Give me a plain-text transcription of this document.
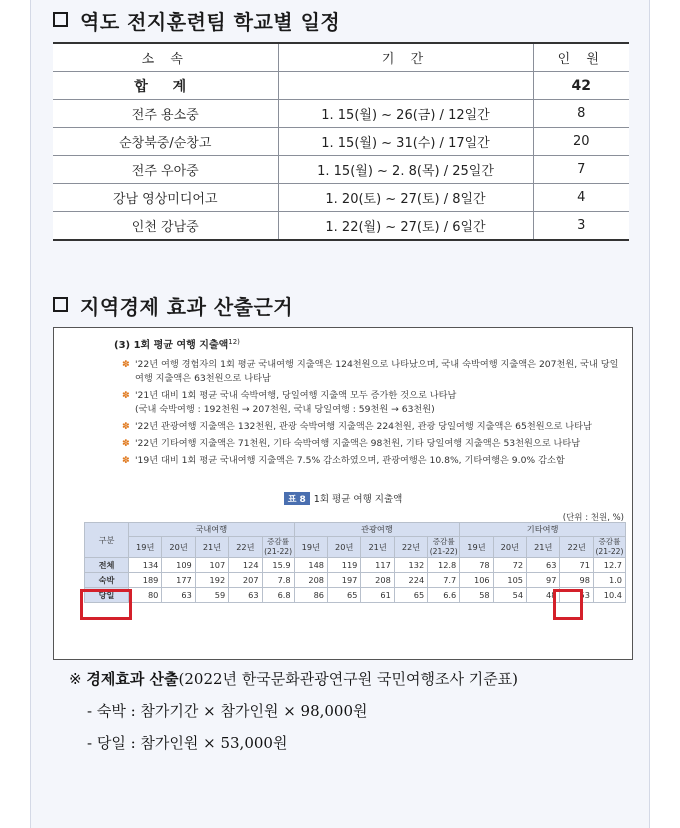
역도 전지훈련팀 학교별 일정
소 속	기 간	인 원
합 계		42
전주 용소중	1. 15(월) ~ 26(금) / 12일간	8
순창북중/순창고	1. 15(월) ~ 31(수) / 17일간	20
전주 우아중	1. 15(월) ~ 2. 8(목) / 25일간	7
강남 영상미디어고	1. 20(토) ~ 27(토) / 8일간	4
인천 강남중	1. 22(월) ~ 27(토) / 6일간	3
지역경제 효과 산출근거
(3) 1회 평균 여행 지출액$^{12)}$
✽ '22년 여행 경험자의 1회 평균 국내여행 지출액은 124천원으로 나타났으며, 국내 숙박여행 지출액은 207천원, 국내 당일여행 지출액은 63천원으로 나타남
✽ '21년 대비 1회 평균 국내 숙박여행, 당일여행 지출액 모두 증가한 것으로 나타남
(국내 숙박여행 : 192천원 → 207천원, 국내 당일여행 : 59천원 → 63천원)
✽ '22년 관광여행 지출액은 132천원, 관광 숙박여행 지출액은 224천원, 관광 당일여행 지출액은 65천원으로 나타남
✽ '22년 기타여행 지출액은 71천원, 기타 숙박여행 지출액은 98천원, 기타 당일여행 지출액은 53천원으로 나타남
✽ '19년 대비 1회 평균 국내여행 지출액은 7.5% 감소하였으며, 관광여행은 10.8%, 기타여행은 9.0% 감소함
표 8 1회 평균 여행 지출액
(단위 : 천원, %)
구분	국내여행					관광여행					기타여행				
	19년	20년	21년	22년	증감률
(21-22)	19년	20년	21년	22년	증감률
(21-22)	19년	20년	21년	22년	증감률
(21-22)
전체	134	109	107	124	15.9	148	119	117	132	12.8	78	72	63	71	12.7
숙박	189	177	192	207	7.8	208	197	208	224	7.7	106	105	97	98	1.0
당일	80	63	59	63	6.8	86	65	61	65	6.6	58	54	48	53	10.4
※ 경제효과 산출(2022년 한국문화관광연구원 국민여행조사 기준표)
- 숙박 : 참가기간 × 참가인원 × 98,000원
- 당일 : 참가인원 × 53,000원
